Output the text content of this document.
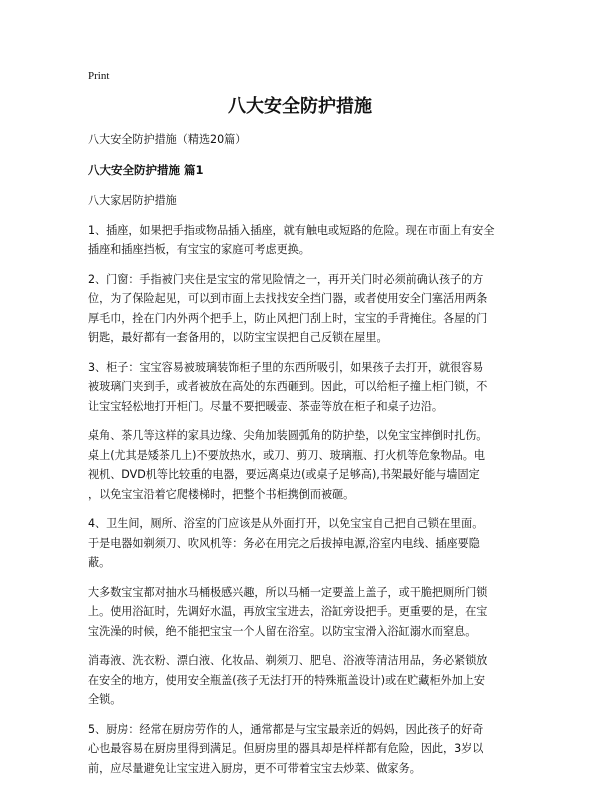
Print
八大安全防护措施
八大安全防护措施（精选20篇）
八大安全防护措施 篇1
八大家居防护措施
1、插座，如果把手指或物品插入插座，就有触电或短路的危险。现在市面上有安全
插座和插座挡板，有宝宝的家庭可考虑更换。
2、门窗：手指被门夹住是宝宝的常见险情之一，再开关门时必须前确认孩子的方
位，为了保险起见，可以到市面上去找找安全挡门器，或者使用安全门塞活用两条
厚毛巾，拴在门内外两个把手上，防止风把门刮上时，宝宝的手背掩住。各屋的门
钥匙，最好都有一套备用的，以防宝宝误把自己反锁在屋里。
3、柜子：宝宝容易被玻璃装饰柜子里的东西所吸引，如果孩子去打开，就很容易
被玻璃门夹到手，或者被放在高处的东西砸到。因此，可以给柜子撞上柜门锁，不
让宝宝轻松地打开柜门。尽量不要把暖壶、茶壶等放在柜子和桌子边沿。
桌角、茶几等这样的家具边缘、尖角加装圆弧角的防护垫，以免宝宝摔倒时扎伤。
桌上(尤其是矮茶几上)不要放热水，或刀、剪刀、玻璃瓶、打火机等危象物品。电
视机、DVD机等比较重的电器，要远离桌边(或桌子足够高),书架最好能与墙固定
，以免宝宝沿着它爬楼梯时，把整个书柜携倒而被砸。
4、卫生间，厕所、浴室的门应该是从外面打开，以免宝宝自己把自己锁在里面。
于是电器如剃须刀、吹风机等：务必在用完之后拔掉电源,浴室内电线、插座要隐
蔽。
大多数宝宝都对抽水马桶极感兴趣，所以马桶一定要盖上盖子，或干脆把厕所门锁
上。使用浴缸时，先调好水温，再放宝宝进去，浴缸旁设把手。更重要的是，在宝
宝洗澡的时候，绝不能把宝宝一个人留在浴室。以防宝宝滑入浴缸溺水而窒息。
消毒液、洗衣粉、漂白液、化妆品、剃须刀、肥皂、浴液等清洁用品，务必紧锁放
在安全的地方，使用安全瓶盖(孩子无法打开的特殊瓶盖设计)或在贮藏柜外加上安
全锁。
5、厨房：经常在厨房劳作的人，通常都是与宝宝最亲近的妈妈，因此孩子的好奇
心也最容易在厨房里得到满足。但厨房里的器具却是样样都有危险，因此，3岁以
前，应尽量避免让宝宝进入厨房，更不可带着宝宝去炒菜、做家务。
